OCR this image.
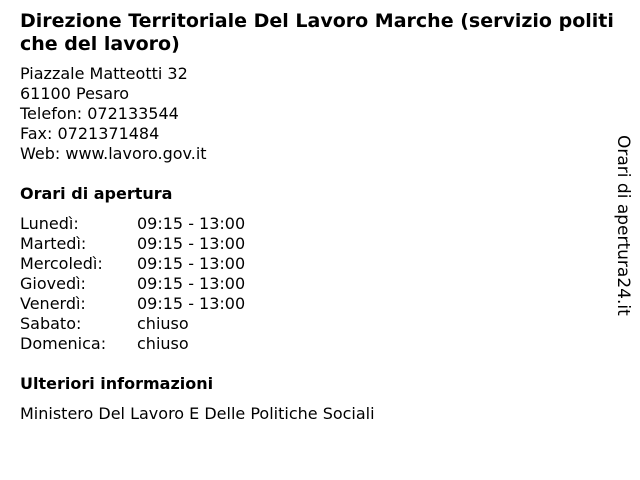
Direzione Territoriale Del Lavoro Marche (servizio politiche del lavoro)
Piazzale Matteotti 32
61100 Pesaro
Telefon: 072133544
Fax: 0721371484
Web: www.lavoro.gov.it
Orari di apertura
Lunedì:	09:15 - 13:00
Martedì:	09:15 - 13:00
Mercoledì:	09:15 - 13:00
Giovedì:	09:15 - 13:00
Venerdì:	09:15 - 13:00
Sabato:	chiuso
Domenica:	chiuso
Ulteriori informazioni
Ministero Del Lavoro E Delle Politiche Sociali
Orari di apertura24.it
